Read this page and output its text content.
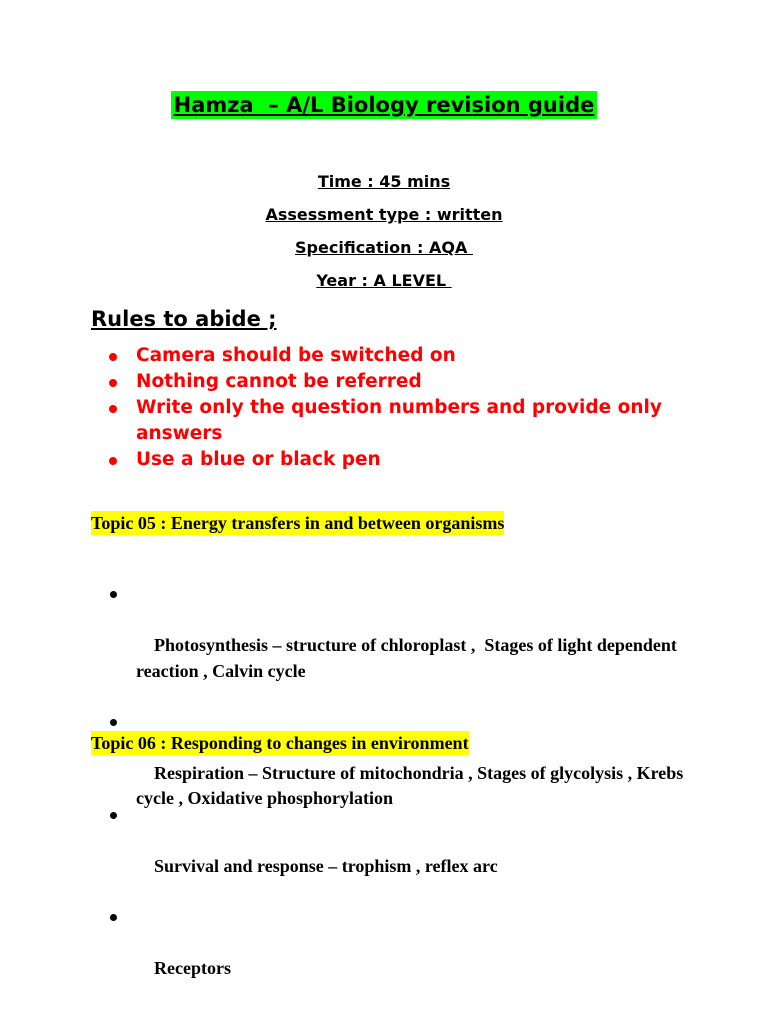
Hamza  – A/L Biology revision guide
Time : 45 mins
Assessment type : written
Specification : AQA
Year : A LEVEL
Rules to abide ;
Camera should be switched on
Nothing cannot be referred
Write only the question numbers and provide only answers
Use a blue or black pen
Topic 05 : Energy transfers in and between organisms

Photosynthesis – structure of chloroplast ,  Stages of light dependent reaction , Calvin cycle

Respiration – Structure of mitochondria , Stages of glycolysis , Krebs cycle , Oxidative phosphorylation

Topic 06 : Responding to changes in environment

Survival and response – trophism , reflex arc

Receptors
